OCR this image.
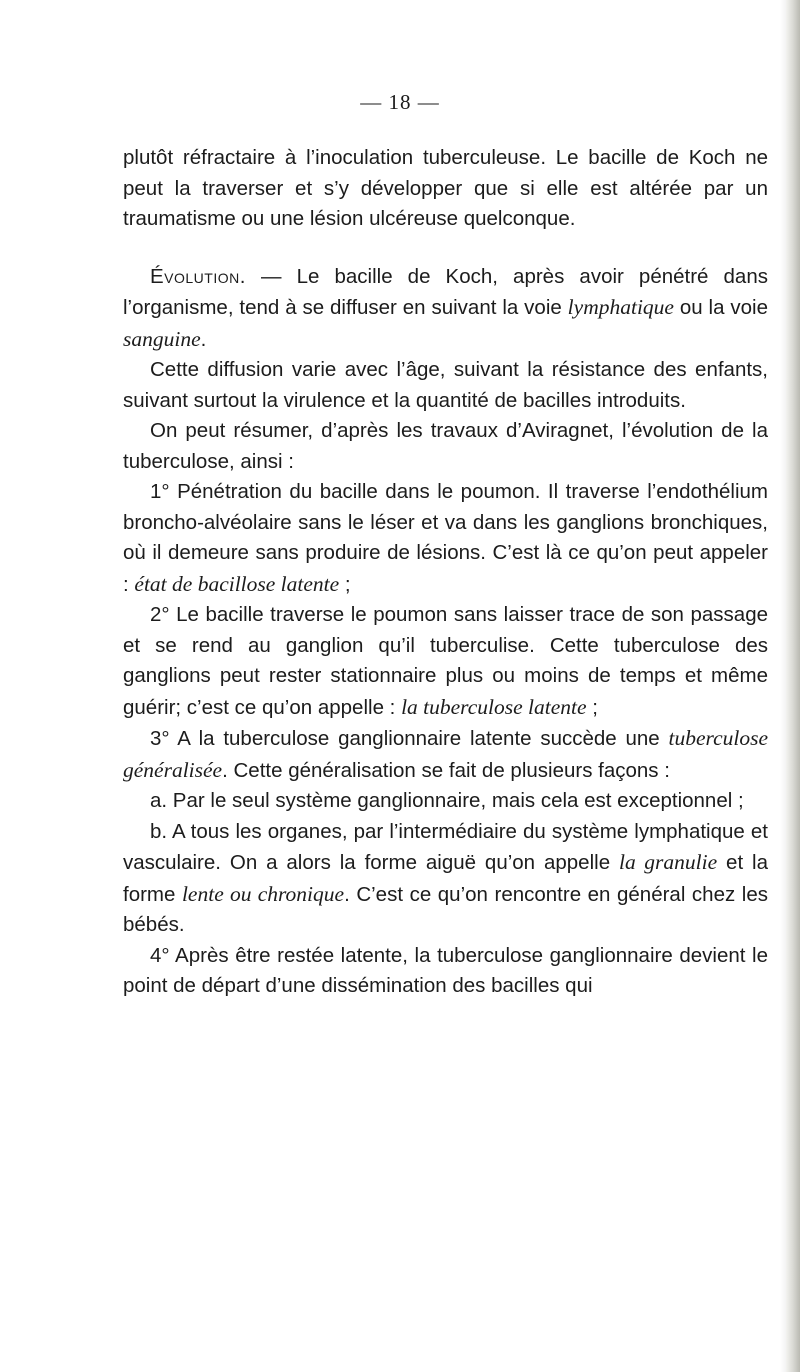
— 18 —

plutôt réfractaire à l’inoculation tuberculeuse. Le bacille de Koch ne peut la traverser et s’y développer que si elle est altérée par un traumatisme ou une lésion ulcéreuse quelconque.

Évolution. — Le bacille de Koch, après avoir pénétré dans l’organisme, tend à se diffuser en suivant la voie lymphatique ou la voie sanguine.

Cette diffusion varie avec l’âge, suivant la résistance des enfants, suivant surtout la virulence et la quantité de bacilles introduits.

On peut résumer, d’après les travaux d’Aviragnet, l’évolution de la tuberculose, ainsi :

1° Pénétration du bacille dans le poumon. Il traverse l’endothélium broncho-alvéolaire sans le léser et va dans les ganglions bronchiques, où il demeure sans produire de lésions. C’est là ce qu’on peut appeler : état de bacillose latente ;

2° Le bacille traverse le poumon sans laisser trace de son passage et se rend au ganglion qu’il tuberculise. Cette tuberculose des ganglions peut rester stationnaire plus ou moins de temps et même guérir; c’est ce qu’on appelle : la tuberculose latente ;

3° A la tuberculose ganglionnaire latente succède une tuberculose généralisée. Cette généralisation se fait de plusieurs façons :

a. Par le seul système ganglionnaire, mais cela est exceptionnel ;

b. A tous les organes, par l’intermédiaire du système lymphatique et vasculaire. On a alors la forme aiguë qu’on appelle la granulie et la forme lente ou chronique. C’est ce qu’on rencontre en général chez les bébés.

4° Après être restée latente, la tuberculose ganglionnaire devient le point de départ d’une dissémination des bacilles qui
